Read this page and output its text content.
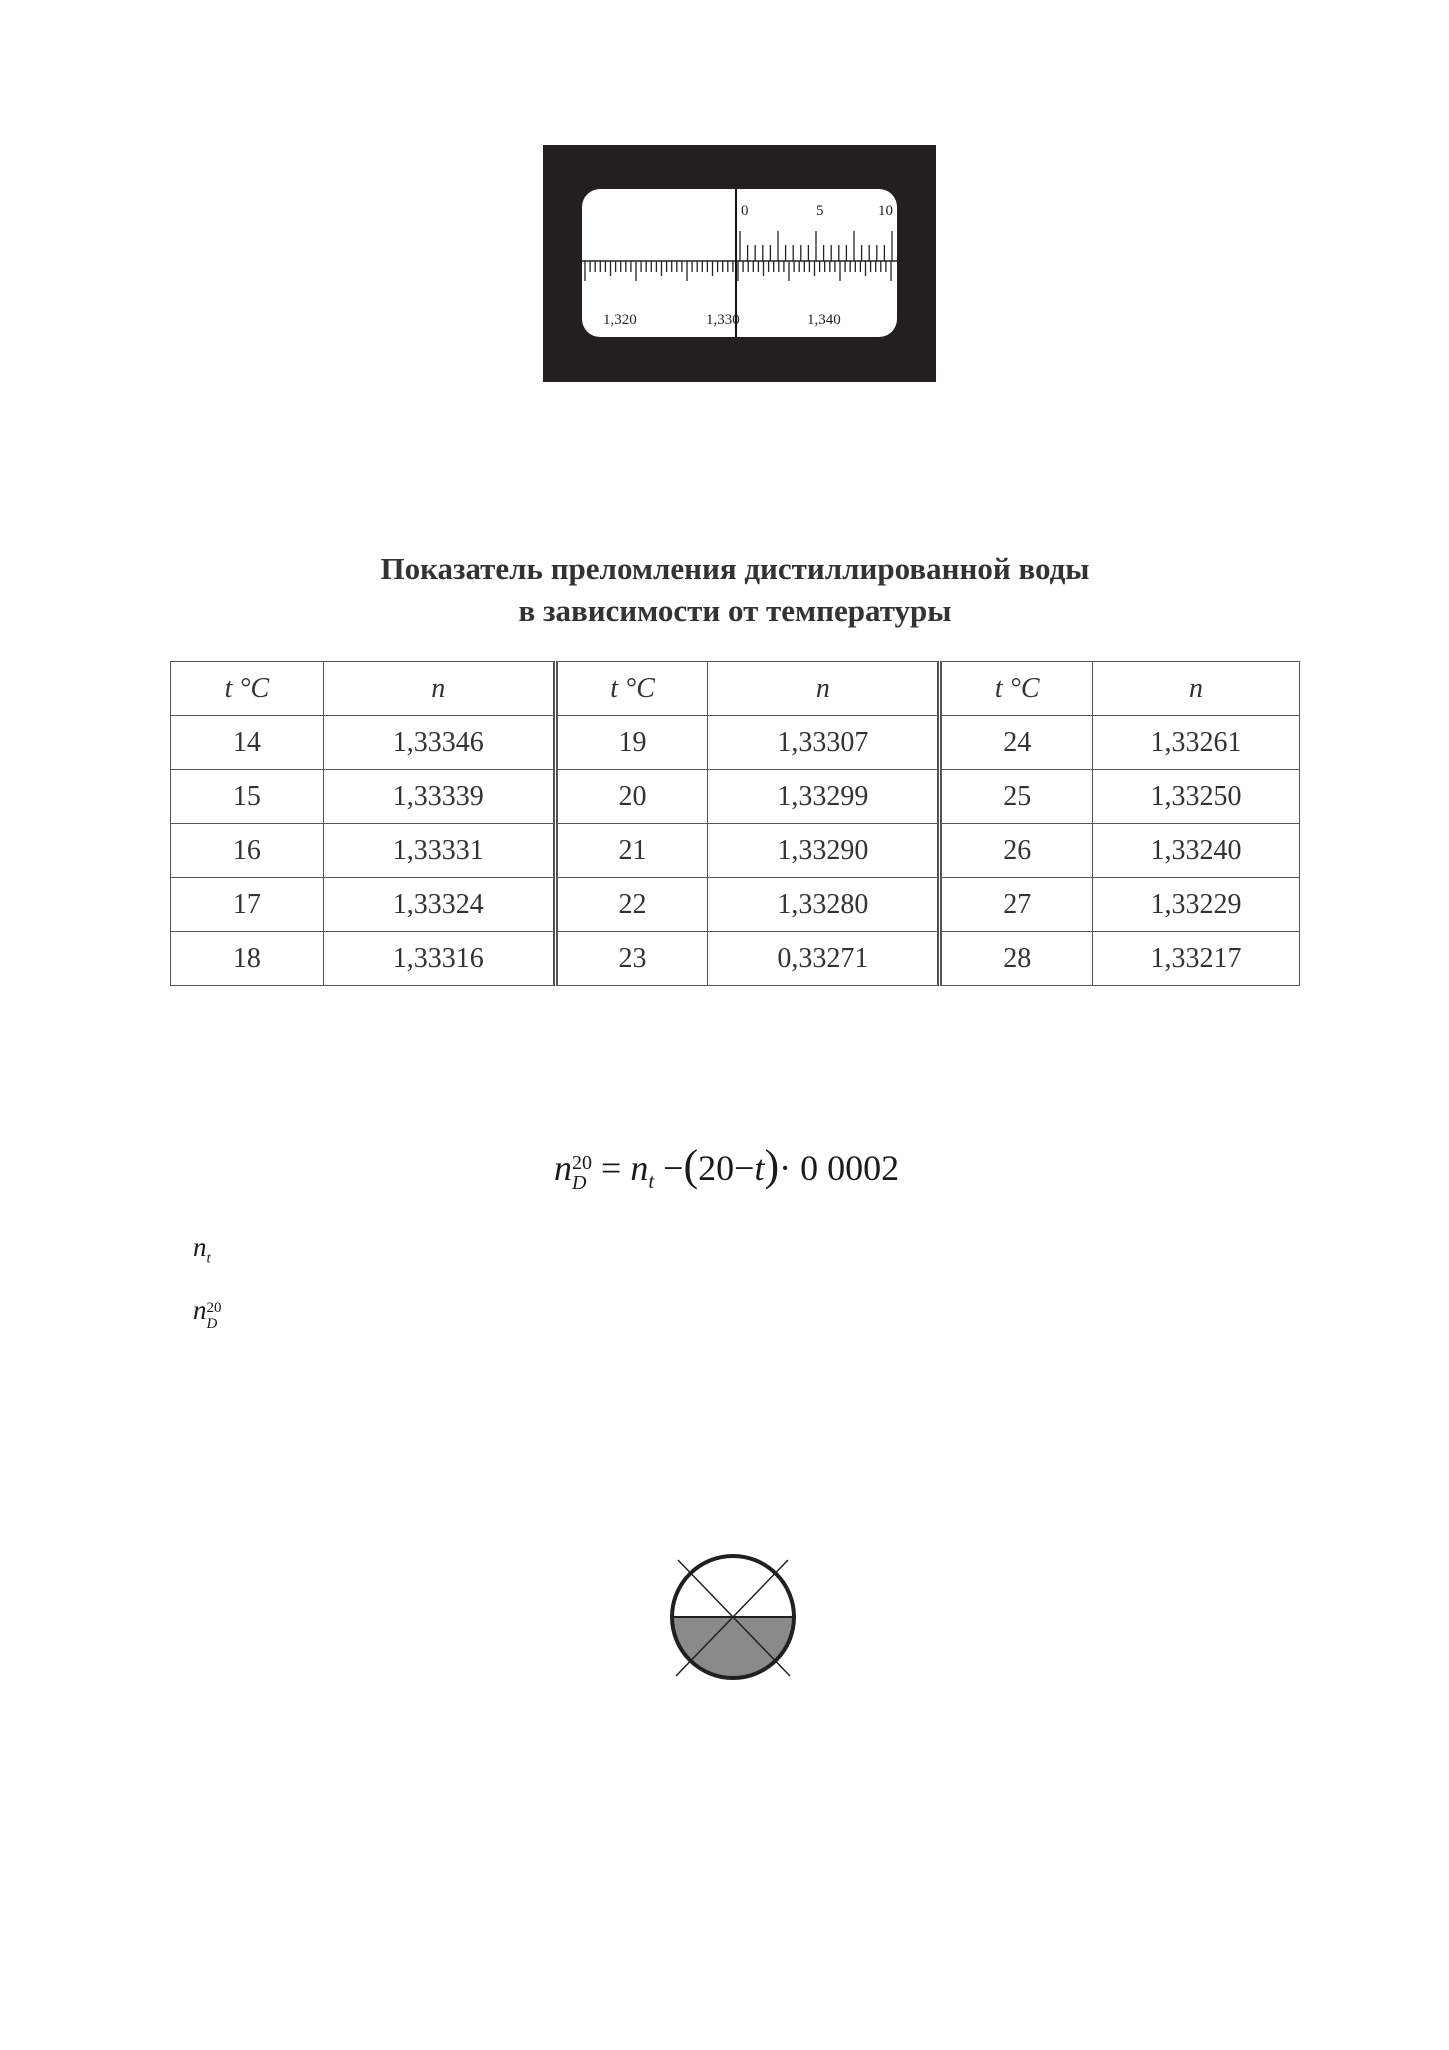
0	5	10
1,320	1,330	1,340
Показатель преломления дистиллированной воды
в зависимости от температуры
t °C	n	t °C	n	t °C	n
14	1,33346	19	1,33307	24	1,33261
15	1,33339	20	1,33299	25	1,33250
16	1,33331	21	1,33290	26	1,33240
17	1,33324	22	1,33280	27	1,33229
18	1,33316	23	0,33271	28	1,33217
n 20
$D = n_t -(20-t)\cdot 0$ 0002
$n_t$
n 20
D
